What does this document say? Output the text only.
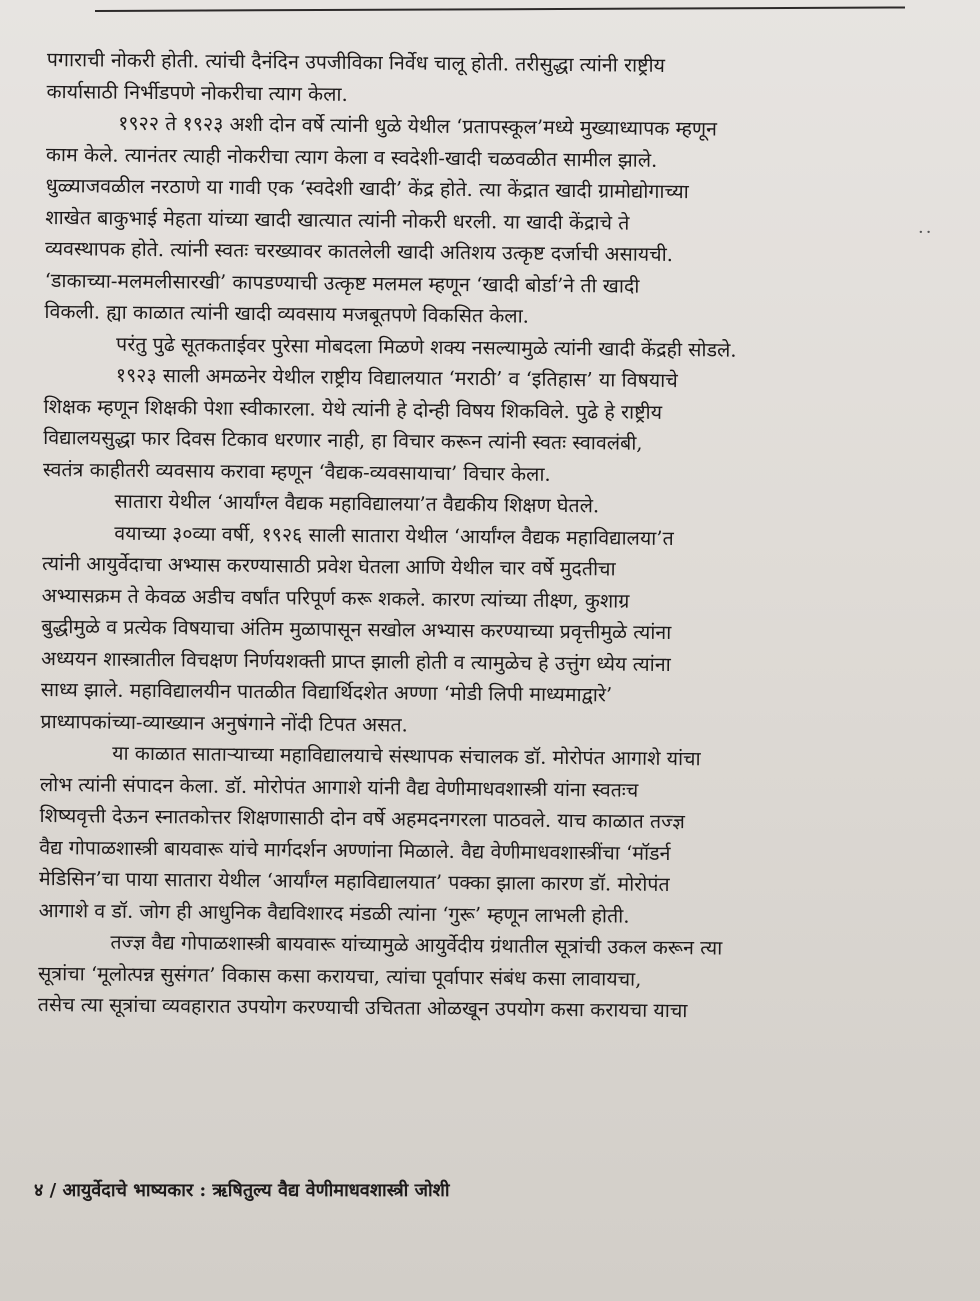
··
पगाराची नोकरी होती. त्यांची दैनंदिन उपजीविका निर्वेध चालू होती. तरीसुद्धा त्यांनी राष्ट्रीय
कार्यासाठी निर्भीडपणे नोकरीचा त्याग केला.
१९२२ ते १९२३ अशी दोन वर्षे त्यांनी धुळे येथील ‘प्रतापस्कूल’मध्ये मुख्याध्यापक म्हणून
काम केले. त्यानंतर त्याही नोकरीचा त्याग केला व स्वदेशी-खादी चळवळीत सामील झाले.
धुळ्याजवळील नरठाणे या गावी एक ‘स्वदेशी खादी’ केंद्र होते. त्या केंद्रात खादी ग्रामोद्योगाच्या
शाखेत बाकुभाई मेहता यांच्या खादी खात्यात त्यांनी नोकरी धरली. या खादी केंद्राचे ते
व्यवस्थापक होते. त्यांनी स्वतः चरख्यावर कातलेली खादी अतिशय उत्कृष्ट दर्जाची असायची.
‘डाकाच्या-मलमलीसारखी’ कापडण्याची उत्कृष्ट मलमल म्हणून ‘खादी बोर्डा’ने ती खादी
विकली. ह्या काळात त्यांनी खादी व्यवसाय मजबूतपणे विकसित केला.
परंतु पुढे सूतकताईवर पुरेसा मोबदला मिळणे शक्य नसल्यामुळे त्यांनी खादी केंद्रही सोडले.
१९२३ साली अमळनेर येथील राष्ट्रीय विद्यालयात ‘मराठी’ व ‘इतिहास’ या विषयाचे
शिक्षक म्हणून शिक्षकी पेशा स्वीकारला. येथे त्यांनी हे दोन्ही विषय शिकविले. पुढे हे राष्ट्रीय
विद्यालयसुद्धा फार दिवस टिकाव धरणार नाही, हा विचार करून त्यांनी स्वतः स्वावलंबी,
स्वतंत्र काहीतरी व्यवसाय करावा म्हणून ‘वैद्यक-व्यवसायाचा’ विचार केला.
सातारा येथील ‘आर्यांग्ल वैद्यक महाविद्यालया’त वैद्यकीय शिक्षण घेतले.
वयाच्या ३०व्या वर्षी, १९२६ साली सातारा येथील ‘आर्यांग्ल वैद्यक महाविद्यालया’त
त्यांनी आयुर्वेदाचा अभ्यास करण्यासाठी प्रवेश घेतला आणि येथील चार वर्षे मुदतीचा
अभ्यासक्रम ते केवळ अडीच वर्षांत परिपूर्ण करू शकले. कारण त्यांच्या तीक्ष्ण, कुशाग्र
बुद्धीमुळे व प्रत्येक विषयाचा अंतिम मुळापासून सखोल अभ्यास करण्याच्या प्रवृत्तीमुळे त्यांना
अध्ययन शास्त्रातील विचक्षण निर्णयशक्ती प्राप्त झाली होती व त्यामुळेच हे उत्तुंग ध्येय त्यांना
साध्य झाले. महाविद्यालयीन पातळीत विद्यार्थिदशेत अण्णा ‘मोडी लिपी माध्यमाद्वारे’
प्राध्यापकांच्या-व्याख्यान अनुषंगाने नोंदी टिपत असत.
या काळात साताऱ्याच्या महाविद्यालयाचे संस्थापक संचालक डॉ. मोरोपंत आगाशे यांचा
लोभ त्यांनी संपादन केला. डॉ. मोरोपंत आगाशे यांनी वैद्य वेणीमाधवशास्त्री यांना स्वतःच
शिष्यवृत्ती देऊन स्नातकोत्तर शिक्षणासाठी दोन वर्षे अहमदनगरला पाठवले. याच काळात तज्ज्ञ
वैद्य गोपाळशास्त्री बायवारू यांचे मार्गदर्शन अण्णांना मिळाले. वैद्य वेणीमाधवशास्त्रींचा ‘मॉडर्न
मेडिसिन’चा पाया सातारा येथील ‘आर्यांग्ल महाविद्यालयात’ पक्का झाला कारण डॉ. मोरोपंत
आगाशे व डॉ. जोग ही आधुनिक वैद्यविशारद मंडळी त्यांना ‘गुरू’ म्हणून लाभली होती.
तज्ज्ञ वैद्य गोपाळशास्त्री बायवारू यांच्यामुळे आयुर्वेदीय ग्रंथातील सूत्रांची उकल करून त्या
सूत्रांचा ‘मूलोत्पन्न सुसंगत’ विकास कसा करायचा, त्यांचा पूर्वापार संबंध कसा लावायचा,
तसेच त्या सूत्रांचा व्यवहारात उपयोग करण्याची उचितता ओळखून उपयोग कसा करायचा याचा
४ / आयुर्वेदाचे भाष्यकार : ऋषितुल्य वैद्य वेणीमाधवशास्त्री जोशी
